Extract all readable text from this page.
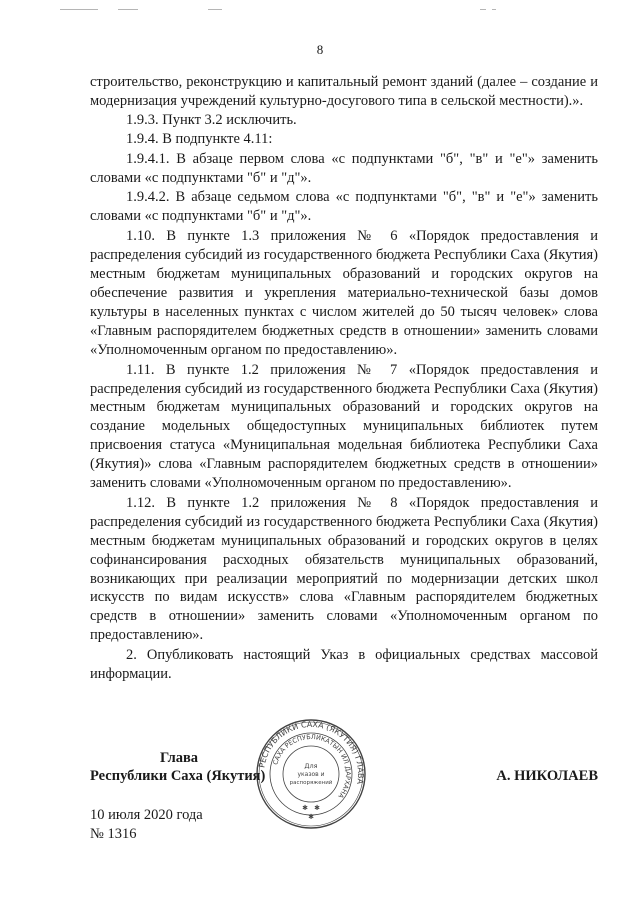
8

строительство, реконструкцию и капитальный ремонт зданий (далее – создание и модернизация учреждений культурно-досугового типа в сельской местности).».

1.9.3. Пункт 3.2 исключить.

1.9.4. В подпункте 4.11:

1.9.4.1. В абзаце первом слова «с подпунктами "б", "в" и "е"» заменить словами «с подпунктами "б" и "д"».

1.9.4.2. В абзаце седьмом слова «с подпунктами "б", "в" и "е"» заменить словами «с подпунктами "б" и "д"».

1.10. В пункте 1.3 приложения № 6 «Порядок предоставления и распределения субсидий из государственного бюджета Республики Саха (Якутия) местным бюджетам муниципальных образований и городских округов на обеспечение развития и укрепления материально-технической базы домов культуры в населенных пунктах с числом жителей до 50 тысяч человек» слова «Главным распорядителем бюджетных средств в отношении» заменить словами «Уполномоченным органом по предоставлению».

1.11. В пункте 1.2 приложения № 7 «Порядок предоставления и распределения субсидий из государственного бюджета Республики Саха (Якутия) местным бюджетам муниципальных образований и городских округов на создание модельных общедоступных муниципальных библиотек путем присвоения статуса «Муниципальная модельная библиотека Республики Саха (Якутия)» слова «Главным распорядителем бюджетных средств в отношении» заменить словами «Уполномоченным органом по предоставлению».

1.12. В пункте 1.2 приложения № 8 «Порядок предоставления и распределения субсидий из государственного бюджета Республики Саха (Якутия) местным бюджетам муниципальных образований и городских округов в целях софинансирования расходных обязательств муниципальных образований, возникающих при реализации мероприятий по модернизации детских школ искусств по видам искусств» слова «Главным распорядителем бюджетных средств в отношении» заменить словами «Уполномоченным органом по предоставлению».

2. Опубликовать настоящий Указ в официальных средствах массовой информации.

Глава
Республики Саха (Якутия)	А. НИКОЛАЕВ
РЕСПУБЛИКИ САХА (ЯКУТИЯ) ГЛАВА
САХА РЕСПУБЛИКАТЫН ИЛ ДАРХАНА
Для
указов и
распоряжений
✱ ✱
✱
10 июля 2020 года
№ 1316
